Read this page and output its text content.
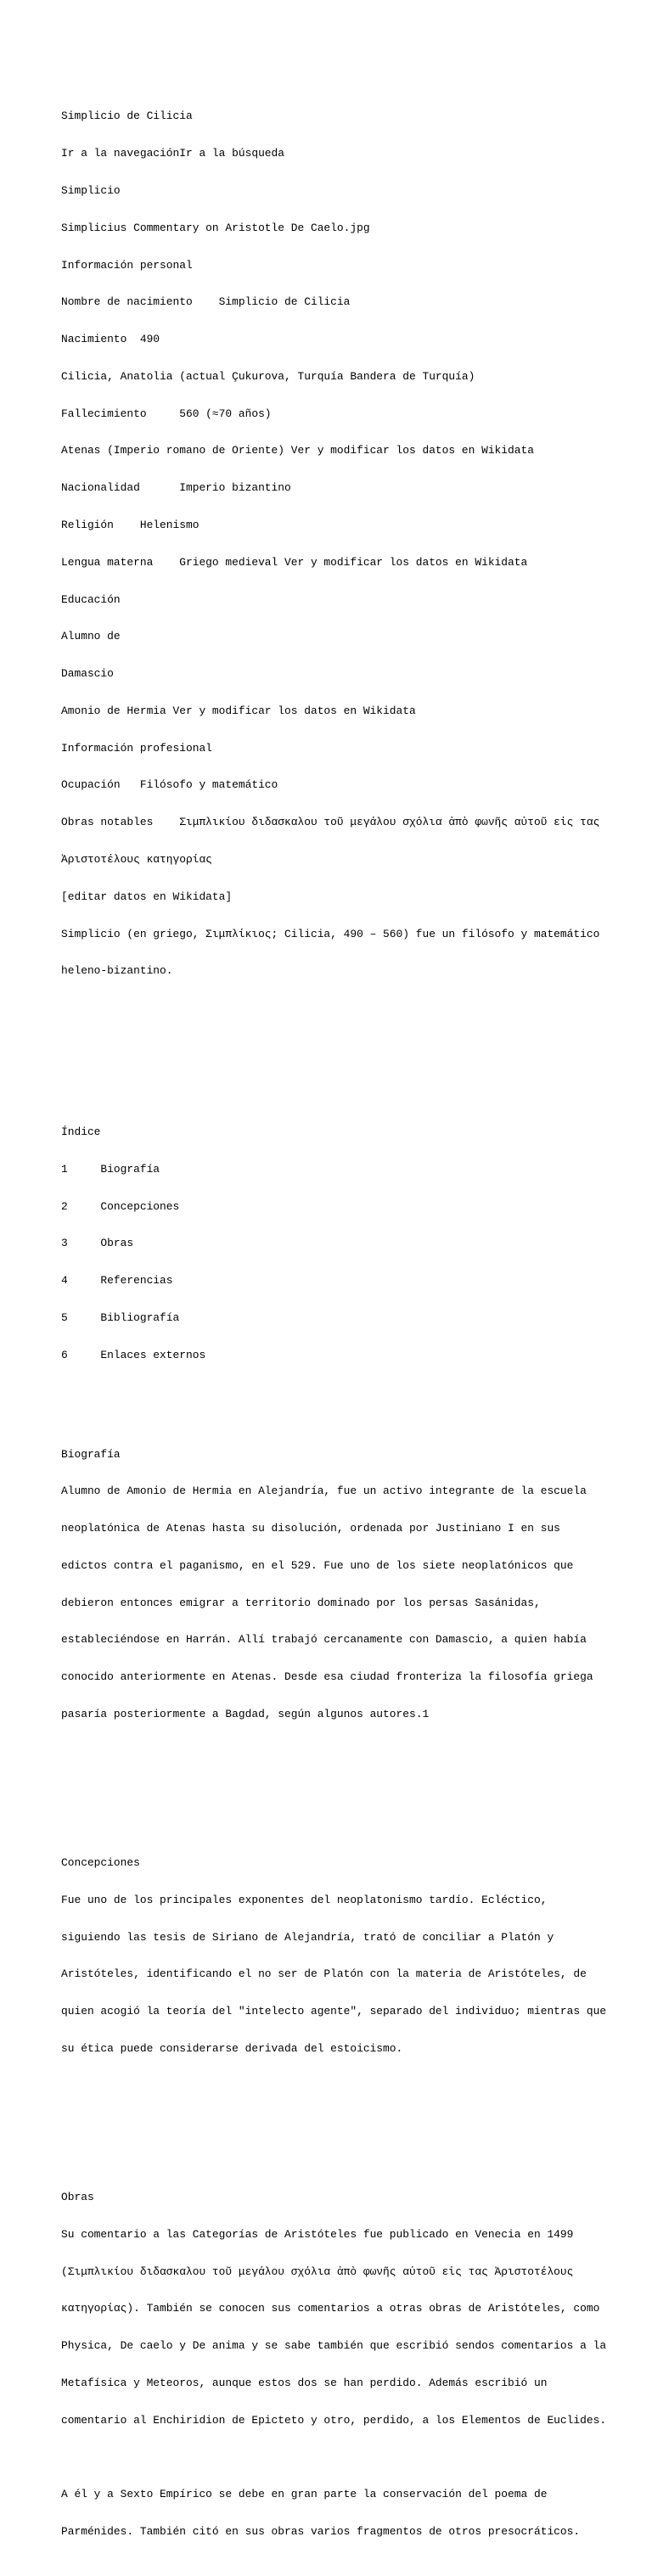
Simplicio de Cilicia

Ir a la navegaciónIr a la búsqueda

Simplicio

Simplicius Commentary on Aristotle De Caelo.jpg

Información personal

Nombre de nacimiento    Simplicio de Cilicia

Nacimiento  490

Cilicia, Anatolia (actual Çukurova, Turquía Bandera de Turquía)

Fallecimiento     560 (≈70 años)

Atenas (Imperio romano de Oriente) Ver y modificar los datos en Wikidata

Nacionalidad      Imperio bizantino

Religión    Helenismo

Lengua materna    Griego medieval Ver y modificar los datos en Wikidata

Educación

Alumno de

Damascio

Amonio de Hermia Ver y modificar los datos en Wikidata

Información profesional

Ocupación   Filósofo y matemático

Obras notables    Σιμπλικίου διδασκαλου τοῦ μεγάλου σχόλια ἀπὸ φωνῆς αὐτοῦ εἰς τας

Ἀριστοτέλους κατηγορίας

[editar datos en Wikidata]

Simplicio (en griego, Σιμπλίκιος; Cilicia, 490 – 560) fue un filósofo y matemático

heleno-bizantino.

Índice

1     Biografía

2     Concepciones

3     Obras

4     Referencias

5     Bibliografía

6     Enlaces externos

Biografía

Alumno de Amonio de Hermia en Alejandría, fue un activo integrante de la escuela

neoplatónica de Atenas hasta su disolución, ordenada por Justiniano I en sus

edictos contra el paganismo, en el 529. Fue uno de los siete neoplatónicos que

debieron entonces emigrar a territorio dominado por los persas Sasánidas,

estableciéndose en Harrán. Allí trabajó cercanamente con Damascio, a quien había

conocido anteriormente en Atenas. Desde esa ciudad fronteriza la filosofía griega

pasaría posteriormente a Bagdad, según algunos autores.1

Concepciones

Fue uno de los principales exponentes del neoplatonismo tardío. Ecléctico,

siguiendo las tesis de Siriano de Alejandría, trató de conciliar a Platón y

Aristóteles, identificando el no ser de Platón con la materia de Aristóteles, de

quien acogió la teoría del "intelecto agente", separado del individuo; mientras que

su ética puede considerarse derivada del estoicismo.

Obras

Su comentario a las Categorías de Aristóteles fue publicado en Venecia en 1499

(Σιμπλικίου διδασκαλου τοῦ μεγάλου σχόλια ἀπὸ φωνῆς αὐτοῦ εἰς τας Ἀριστοτέλους

κατηγορίας). También se conocen sus comentarios a otras obras de Aristóteles, como

Physica, De caelo y De anima y se sabe también que escribió sendos comentarios a la

Metafísica y Meteoros, aunque estos dos se han perdido. Además escribió un

comentario al Enchiridion de Epicteto y otro, perdido, a los Elementos de Euclides.

A él y a Sexto Empírico se debe en gran parte la conservación del poema de

Parménides. También citó en sus obras varios fragmentos de otros presocráticos.
